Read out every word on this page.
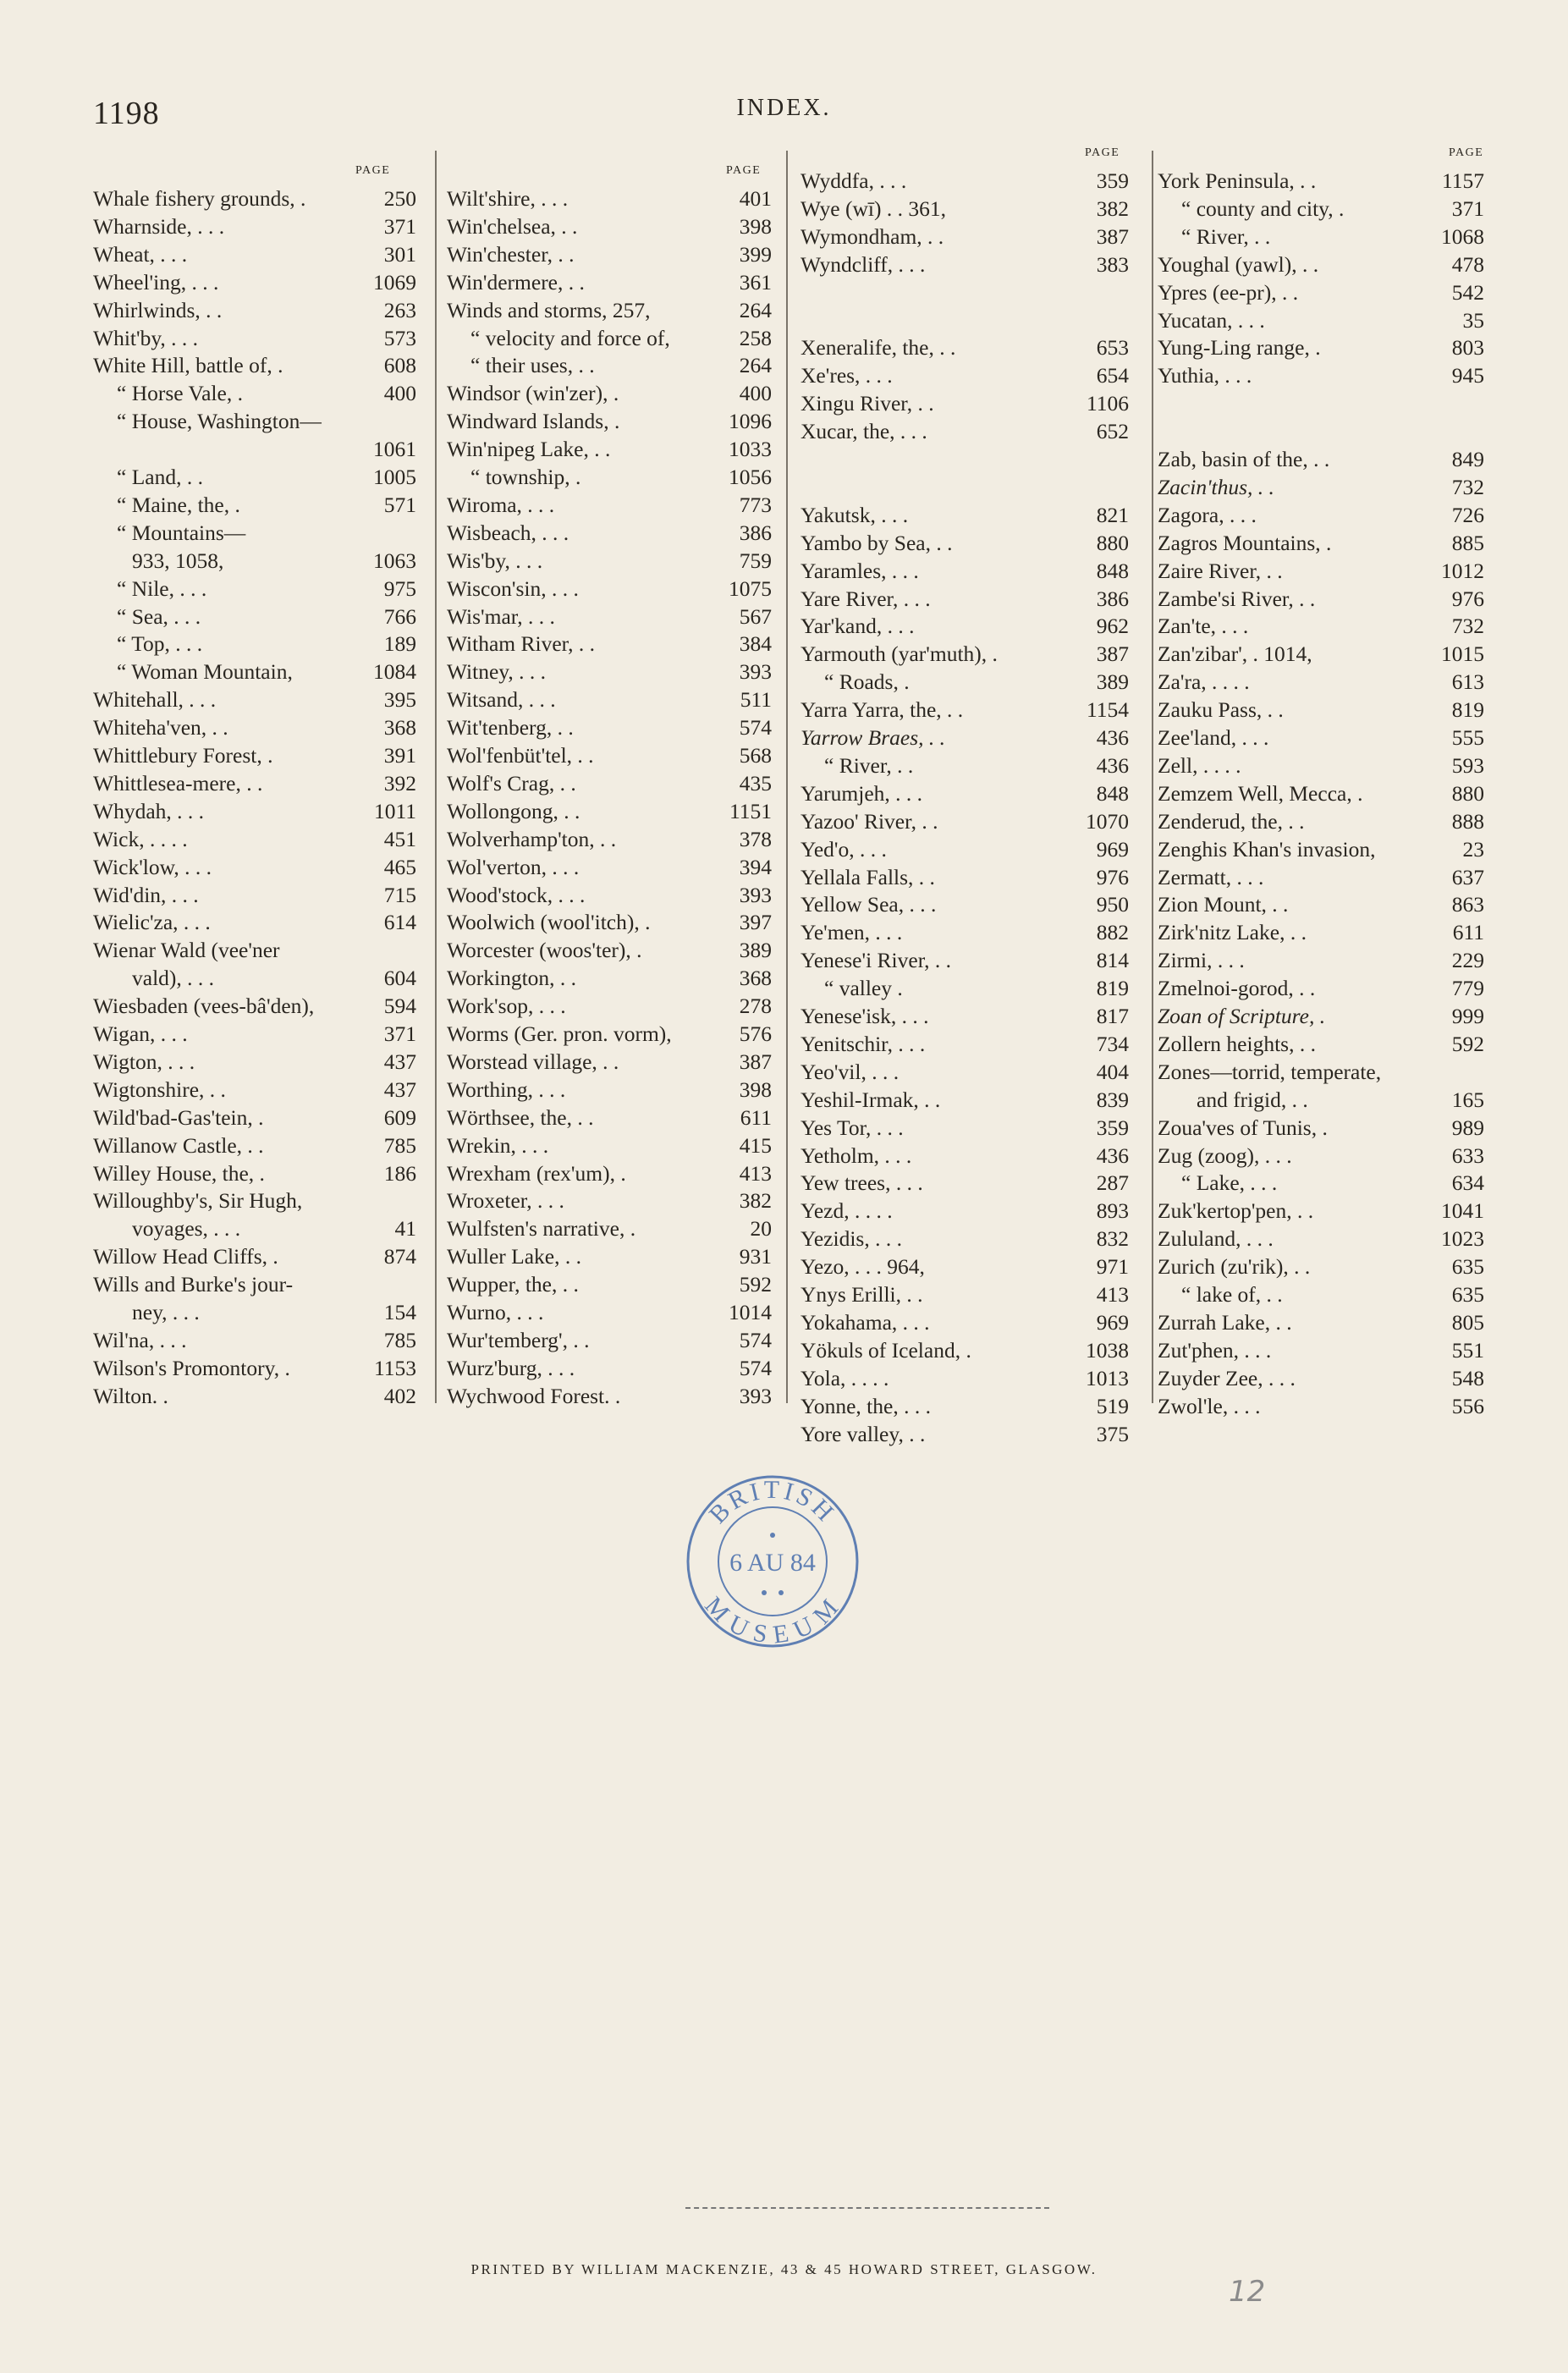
1198	INDEX.
PAGE
Whale fishery grounds, .	250
Wharnside, . . .	371
Wheat, . . .	301
Wheel'ing, . . .	1069
Whirlwinds, . .	263
Whit'by, . . .	573
White Hill, battle of, .	608
“ Horse Vale, .	400
“ House, Washington—
1061
“ Land, . .	1005
“ Maine, the, .	571
“ Mountains—
933, 1058,	1063
“ Nile, . . .	975
“ Sea, . . .	766
“ Top, . . .	189
“ Woman Mountain,	1084
Whitehall, . . .	395
Whiteha'ven, . .	368
Whittlebury Forest, .	391
Whittlesea-mere, . .	392
Whydah, . . .	1011
Wick, . . . .	451
Wick'low, . . .	465
Wid'din, . . .	715
Wielic'za, . . .	614
Wienar Wald (vee'ner
vald), . . .	604
Wiesbaden (vees-bâ'den),	594
Wigan, . . .	371
Wigton, . . .	437
Wigtonshire, . .	437
Wild'bad-Gas'tein, .	609
Willanow Castle, . .	785
Willey House, the, .	186
Willoughby's, Sir Hugh,
voyages, . . .	41
Willow Head Cliffs, .	874
Wills and Burke's jour-
ney, . . .	154
Wil'na, . . .	785
Wilson's Promontory, .	1153
Wilton. .	402
PAGE
Wilt'shire, . . .	401
Win'chelsea, . .	398
Win'chester, . .	399
Win'dermere, . .	361
Winds and storms, 257,	264
“ velocity and force of,	258
“ their uses, . .	264
Windsor (win'zer), .	400
Windward Islands, .	1096
Win'nipeg Lake, . .	1033
“ township, .	1056
Wiroma, . . .	773
Wisbeach, . . .	386
Wis'by, . . .	759
Wiscon'sin, . . .	1075
Wis'mar, . . .	567
Witham River, . .	384
Witney, . . .	393
Witsand, . . .	511
Wit'tenberg, . .	574
Wol'fenbüt'tel, . .	568
Wolf's Crag, . .	435
Wollongong, . .	1151
Wolverhamp'ton, . .	378
Wol'verton, . . .	394
Wood'stock, . . .	393
Woolwich (wool'itch), .	397
Worcester (woos'ter), .	389
Workington, . .	368
Work'sop, . . .	278
Worms (Ger. pron. vorm),	576
Worstead village, . .	387
Worthing, . . .	398
Wörthsee, the, . .	611
Wrekin, . . .	415
Wrexham (rex'um), .	413
Wroxeter, . . .	382
Wulfsten's narrative, .	20
Wuller Lake, . .	931
Wupper, the, . .	592
Wurno, . . .	1014
Wur'temberg', . .	574
Wurz'burg, . . .	574
Wychwood Forest. .	393
PAGE
Wyddfa, . . .	359
Wye (wī) . . 361,	382
Wymondham, . .	387
Wyndcliff, . . .	383
Xeneralife, the, . .	653
Xe'res, . . .	654
Xingu River, . .	1106
Xucar, the, . . .	652
Yakutsk, . . .	821
Yambo by Sea, . .	880
Yaramles, . . .	848
Yare River, . . .	386
Yar'kand, . . .	962
Yarmouth (yar'muth), .	387
“ Roads, .	389
Yarra Yarra, the, . .	1154
Yarrow Braes, . .	436
“ River, . .	436
Yarumjeh, . . .	848
Yazoo' River, . .	1070
Yed'o, . . .	969
Yellala Falls, . .	976
Yellow Sea, . . .	950
Ye'men, . . .	882
Yenese'i River, . .	814
“ valley .	819
Yenese'isk, . . .	817
Yenitschir, . . .	734
Yeo'vil, . . .	404
Yeshil-Irmak, . .	839
Yes Tor, . . .	359
Yetholm, . . .	436
Yew trees, . . .	287
Yezd, . . . .	893
Yezidis, . . .	832
Yezo, . . . 964,	971
Ynys Erilli, . .	413
Yokahama, . . .	969
Yökuls of Iceland, .	1038
Yola, . . . .	1013
Yonne, the, . . .	519
Yore valley, . .	375
PAGE
York Peninsula, . .	1157
“ county and city, .	371
“ River, . .	1068
Youghal (yawl), . .	478
Ypres (ee-pr), . .	542
Yucatan, . . .	35
Yung-Ling range, .	803
Yuthia, . . .	945
Zab, basin of the, . .	849
Zacin'thus, . .	732
Zagora, . . .	726
Zagros Mountains, .	885
Zaire River, . .	1012
Zambe'si River, . .	976
Zan'te, . . .	732
Zan'zibar', . 1014,	1015
Za'ra, . . . .	613
Zauku Pass, . .	819
Zee'land, . . .	555
Zell, . . . .	593
Zemzem Well, Mecca, .	880
Zenderud, the, . .	888
Zenghis Khan's invasion,	23
Zermatt, . . .	637
Zion Mount, . .	863
Zirk'nitz Lake, . .	611
Zirmi, . . .	229
Zmelnoi-gorod, . .	779
Zoan of Scripture, .	999
Zollern heights, . .	592
Zones—torrid, temperate,
and frigid, . .	165
Zoua'ves of Tunis, .	989
Zug (zoog), . . .	633
“ Lake, . . .	634
Zuk'kertop'pen, . .	1041
Zululand, . . .	1023
Zurich (zu'rik), . .	635
“ lake of, . .	635
Zurrah Lake, . .	805
Zut'phen, . . .	551
Zuyder Zee, . . .	548
Zwol'le, . . .	556
BRITISH
MUSEUM
6 AU 84
PRINTED BY WILLIAM MACKENZIE, 43 & 45 HOWARD STREET, GLASGOW.
12
